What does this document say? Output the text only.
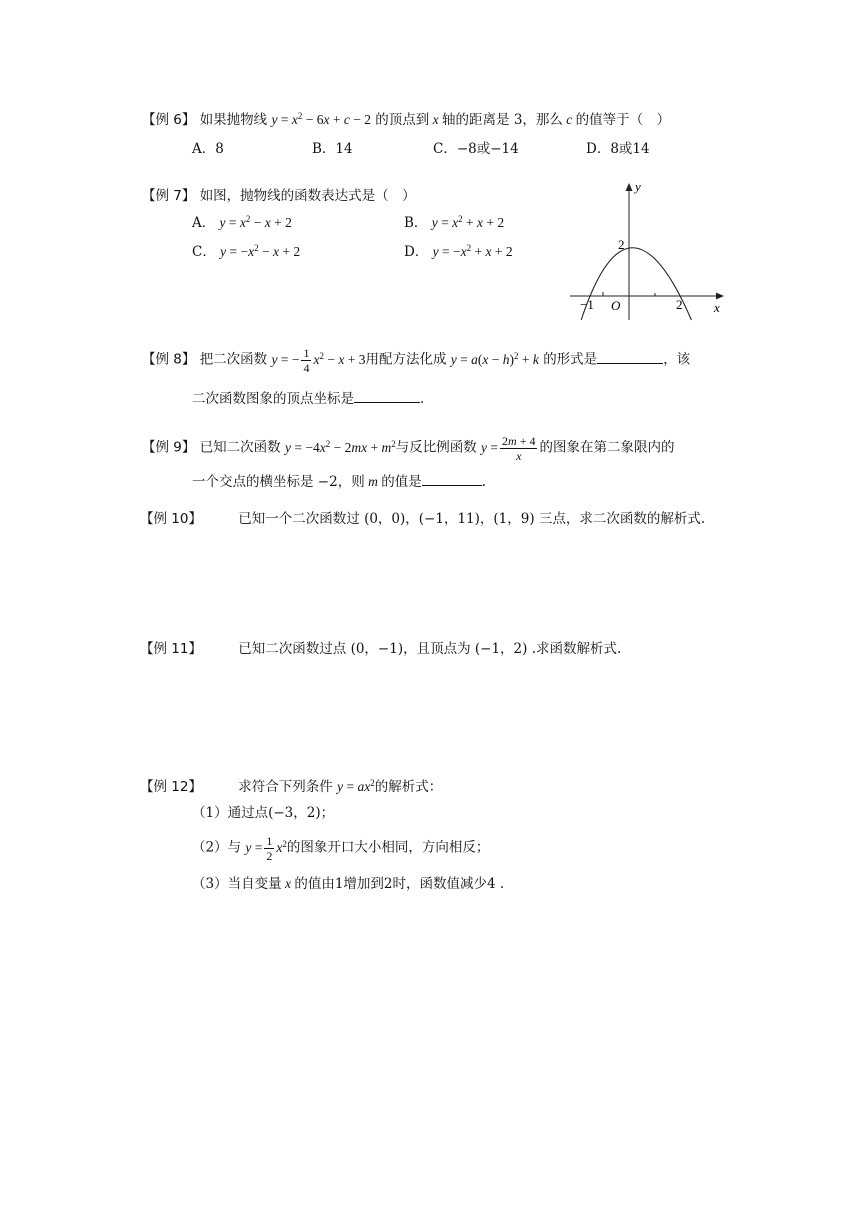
【例 6】 如果抛物线 $y = x^2 - 6x + c - 2$ 的顶点到 x 轴的距离是 3，那么 c 的值等于（　）
A．8	B．14	C．−8或−14	D．8或14
【例 7】 如图，抛物线的函数表达式是（　）
A． $y = x^2 - x + 2$	B． $y = x^2 + x + 2$
C． $y = -x^2 - x + 2$	D． $y = -x^2 + x + 2$
y
x
O
−1	2
2
【例 8】 把二次函数 y = − $\frac{1}{4} x^2 - x + 3$用配方法化成 $y = a(x - h)^2 + k$ 的形式是	，该
二次函数图象的顶点坐标是	.
【例 9】 已知二次函数 $y = -4x^2 - 2mx + m^2$与反比例函数 $y = \frac{2m + 4}{x}$ 的图象在第二象限内的
一个交点的横坐标是 −2，则 m 的值是	.
【例 10】	已知一个二次函数过 (0，0)，(−1，11)，(1，9) 三点，求二次函数的解析式.
【例 11】	已知二次函数过点 (0，−1)，且顶点为 (−1，2) .求函数解析式.
【例 12】	求符合下列条件 $y = ax^2$的解析式：
（1）通过点(−3，2)；
（2）与 $y = \frac{1}{2} x^2$的图象开口大小相同，方向相反；
（3）当自变量 x 的值由1增加到2时，函数值减少4 .
